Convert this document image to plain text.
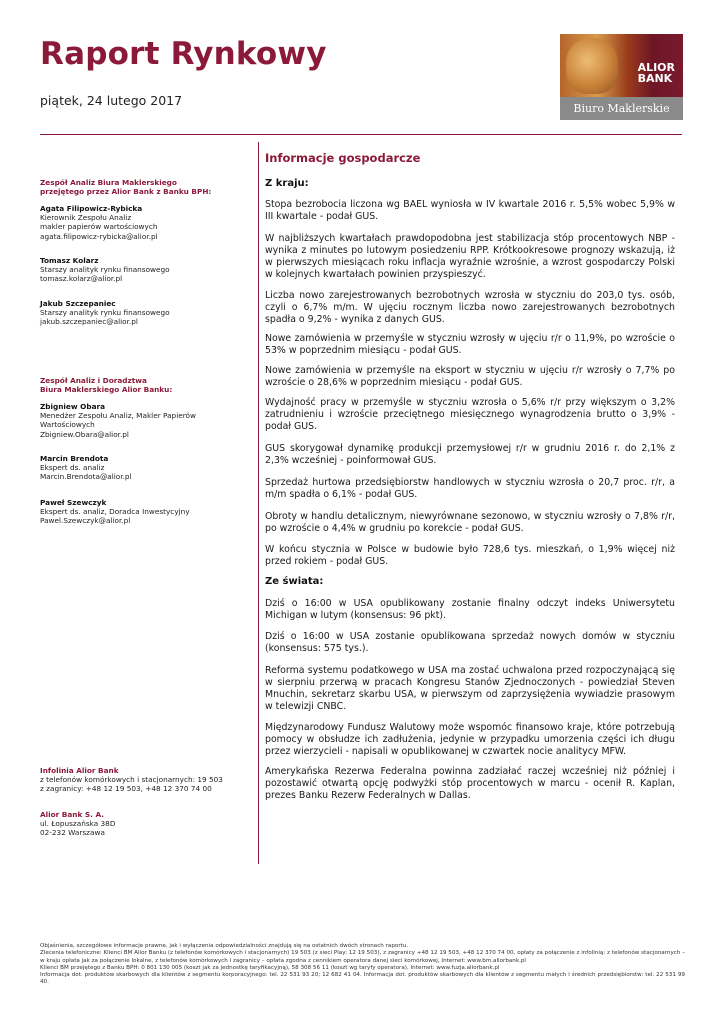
Raport Rynkowy
piątek, 24 lutego 2017
ALIOR
BANK
Biuro Maklerskie
Zespół Analiz Biura Maklerskiego
przejętego przez Alior Bank z Banku BPH:
Agata Filipowicz-Rybicka
Kierownik Zespołu Analiz
makler papierów wartościowych
agata.filipowicz-rybicka@alior.pl
Tomasz Kolarz
Starszy analityk rynku finansowego
tomasz.kolarz@alior.pl
Jakub Szczepaniec
Starszy analityk rynku finansowego
jakub.szczepaniec@alior.pl
Zespół Analiz i Doradztwa
Biura Maklerskiego Alior Banku:
Zbigniew Obara
Menedżer Zespołu Analiz, Makler Papierów
Wartościowych
Zbigniew.Obara@alior.pl
Marcin Brendota
Ekspert ds. analiz
Marcin.Brendota@alior.pl
Paweł Szewczyk
Ekspert ds. analiz, Doradca Inwestycyjny
Pawel.Szewczyk@alior.pl
Infolinia Alior Bank
z telefonów komórkowych i stacjonarnych: 19 503
z zagranicy: +48 12 19 503, +48 12 370 74 00
Alior Bank S. A.
ul. Łopuszańska 38D
02-232 Warszawa
Informacje gospodarcze
Z kraju:

Stopa bezrobocia liczona wg BAEL wyniosła w IV kwartale 2016 r. 5,5% wobec 5,9% w III kwartale - podał GUS.

W najbliższych kwartałach prawdopodobna jest stabilizacja stóp procentowych NBP - wynika z minutes po lutowym posiedzeniu RPP. Krótkookresowe prognozy wskazują, iż w pierwszych miesiącach roku inflacja wyraźnie wzrośnie, a wzrost gospodarczy Polski w kolejnych kwartałach powinien przyspieszyć.

Liczba nowo zarejestrowanych bezrobotnych wzrosła w styczniu do 203,0 tys. osób, czyli o 6,7% m/m. W ujęciu rocznym liczba nowo zarejestrowanych bezrobotnych spadła o 9,2% - wynika z danych GUS.

Nowe zamówienia w przemyśle w styczniu wzrosły w ujęciu r/r o 11,9%, po wzroście o 53% w poprzednim miesiącu - podał GUS.

Nowe zamówienia w przemyśle na eksport w styczniu w ujęciu r/r wzrosły o 7,7% po wzroście o 28,6% w poprzednim miesiącu - podał GUS.

Wydajność pracy w przemyśle w styczniu wzrosła o 5,6% r/r przy większym o 3,2% zatrudnieniu i wzroście przeciętnego miesięcznego wynagrodzenia brutto o 3,9% - podał GUS.

GUS skorygował dynamikę produkcji przemysłowej r/r w grudniu 2016 r. do 2,1% z 2,3% wcześniej - poinformował GUS.

Sprzedaż hurtowa przedsiębiorstw handlowych w styczniu wzrosła o 20,7 proc. r/r, a m/m spadła o 6,1% - podał GUS.

Obroty w handlu detalicznym, niewyrównane sezonowo, w styczniu wzrosły o 7,8% r/r, po wzroście o 4,4% w grudniu po korekcie - podał GUS.

W końcu stycznia w Polsce w budowie było 728,6 tys. mieszkań, o 1,9% więcej niż przed rokiem - podał GUS.

Ze świata:

Dziś o 16:00 w USA opublikowany zostanie finalny odczyt indeks Uniwersytetu Michigan w lutym (konsensus: 96 pkt).

Dziś o 16:00 w USA zostanie opublikowana sprzedaż nowych domów w styczniu (konsensus: 575 tys.).

Reforma systemu podatkowego w USA ma zostać uchwalona przed rozpoczynającą się w sierpniu przerwą w pracach Kongresu Stanów Zjednoczonych - powiedział Steven Mnuchin, sekretarz skarbu USA, w pierwszym od zaprzysiężenia wywiadzie prasowym w telewizji CNBC.

Międzynarodowy Fundusz Walutowy może wspomóc finansowo kraje, które potrzebują pomocy w obsłudze ich zadłużenia, jedynie w przypadku umorzenia części ich długu przez wierzycieli - napisali w opublikowanej w czwartek nocie analitycy MFW.

Amerykańska Rezerwa Federalna powinna zadziałać raczej wcześniej niż później i pozostawić otwartą opcję podwyżki stóp procentowych w marcu - ocenił R. Kaplan, prezes Banku Rezerw Federalnych w Dallas.

Objaśnienia, szczegółowe informacje prawne, jak i wyłączenia odpowiedzialności znajdują się na ostatnich dwóch stronach raportu.
Zlecenia telefoniczne: Klienci BM Alior Banku (z telefonów komórkowych i stacjonarnych) 19 503 (z sieci Play: 12 19 503), z zagranicy +48 12 19 503, +48 12 370 74 00, opłaty za połączenie z infolinią: z telefonów stacjonarnych – w kraju opłata jak za połączenie lokalne, z telefonów komórkowych i zagranicy – opłata zgodna z cennikiem operatora danej sieci komórkowej, Internet: www.bm.aliorbank.pl
Klienci BM przejętego z Banku BPH: 0 801 130 005 (koszt jak za jednostkę taryfikacyjną), 58 308 56 11 (koszt wg taryfy operatora), Internet: www.fuzja.aliorbank.pl
Informacja dot. produktów skarbowych dla klientów z segmentu korporacyjnego: tel. 22 531 93 20; 12 682 41 04. Informacja dot. produktów skarbowych dla klientów z segmentu małych i średnich przedsiębiorstw: tel. 22 531 99 40.
